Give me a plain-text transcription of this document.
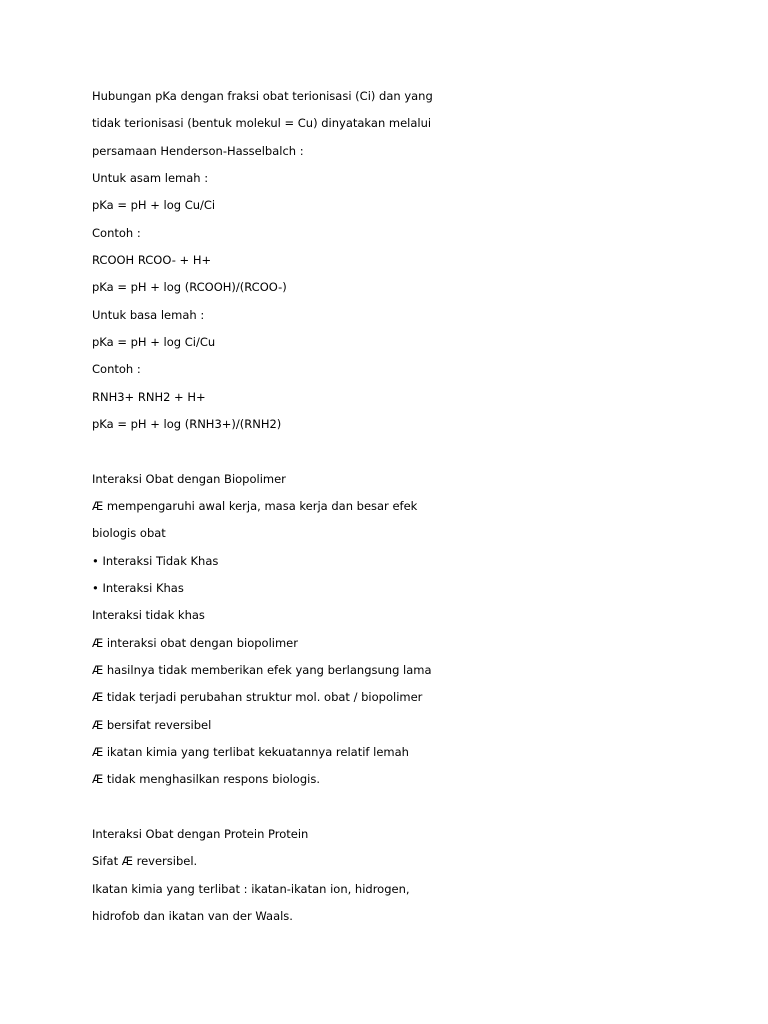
Hubungan pKa dengan fraksi obat terionisasi (Ci) dan yang
tidak terionisasi (bentuk molekul = Cu) dinyatakan melalui
persamaan Henderson-Hasselbalch :
Untuk asam lemah :
pKa = pH + log Cu/Ci
Contoh :
RCOOH RCOO- + H+
pKa = pH + log (RCOOH)/(RCOO-)
Untuk basa lemah :
pKa = pH + log Ci/Cu
Contoh :
RNH3+ RNH2 + H+
pKa = pH + log (RNH3+)/(RNH2)
Interaksi Obat dengan Biopolimer
Æ mempengaruhi awal kerja, masa kerja dan besar efek
biologis obat
• Interaksi Tidak Khas
• Interaksi Khas
Interaksi tidak khas
Æ interaksi obat dengan biopolimer
Æ hasilnya tidak memberikan efek yang berlangsung lama
Æ tidak terjadi perubahan struktur mol. obat / biopolimer
Æ bersifat reversibel
Æ ikatan kimia yang terlibat kekuatannya relatif lemah
Æ tidak menghasilkan respons biologis.
Interaksi Obat dengan Protein Protein
Sifat Æ reversibel.
Ikatan kimia yang terlibat : ikatan-ikatan ion, hidrogen,
hidrofob dan ikatan van der Waals.
